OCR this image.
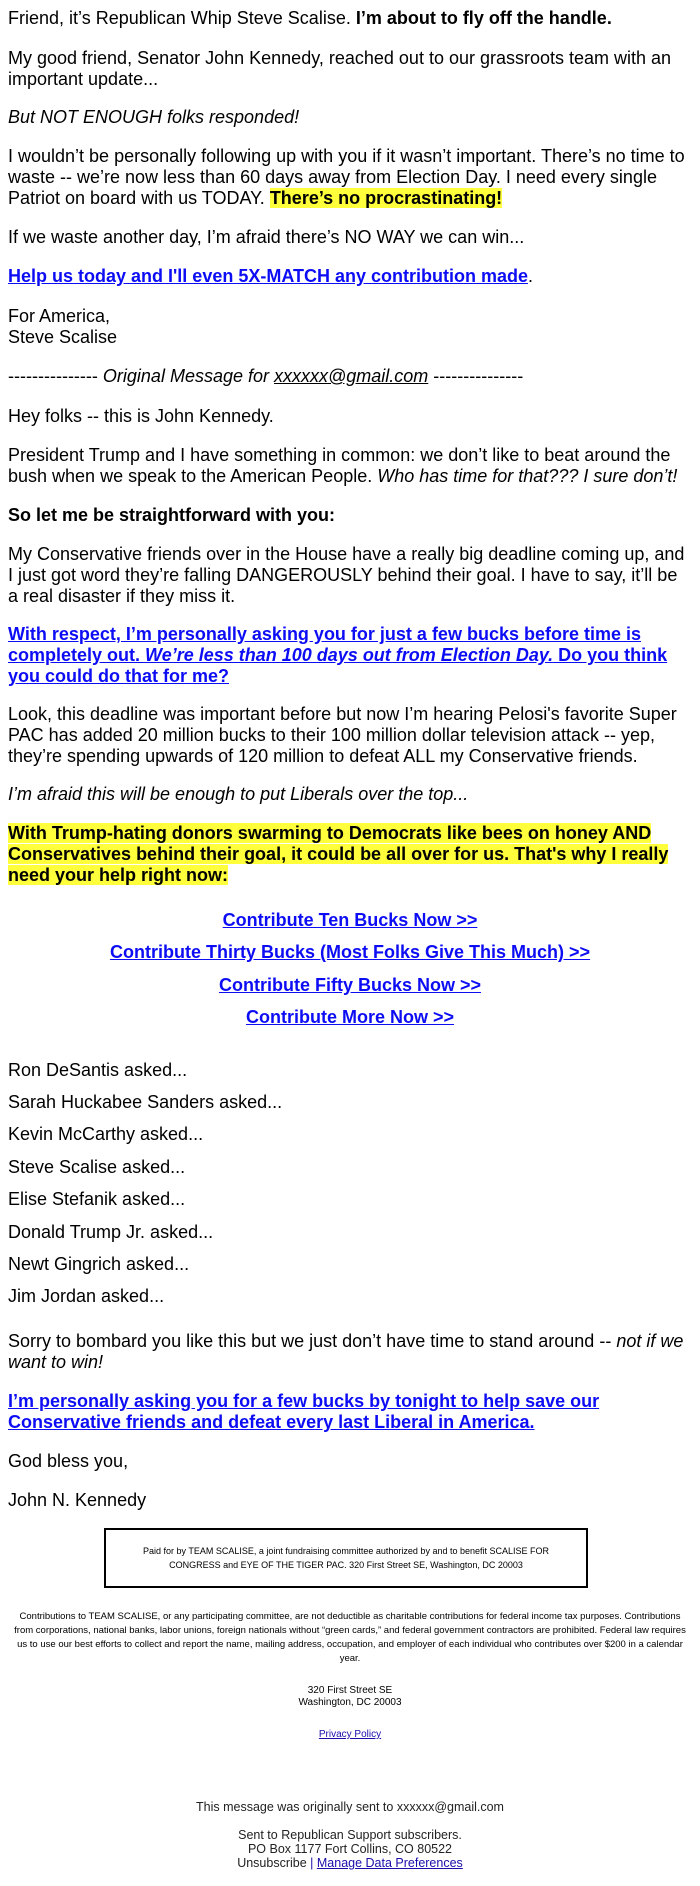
Friend, it’s Republican Whip Steve Scalise. I’m about to fly off the handle.

My good friend, Senator John Kennedy, reached out to our grassroots team with an important update...

But NOT ENOUGH folks responded!

I wouldn’t be personally following up with you if it wasn’t important. There’s no time to waste -- we’re now less than 60 days away from Election Day. I need every single Patriot on board with us TODAY. There’s no procrastinating!

If we waste another day, I’m afraid there’s NO WAY we can win...

Help us today and I'll even 5X-MATCH any contribution made.

For America,
Steve Scalise

--------------- Original Message for xxxxxx@gmail.com ---------------

Hey folks -- this is John Kennedy.

President Trump and I have something in common: we don’t like to beat around the bush when we speak to the American People. Who has time for that??? I sure don’t!

So let me be straightforward with you:

My Conservative friends over in the House have a really big deadline coming up, and I just got word they’re falling DANGEROUSLY behind their goal. I have to say, it’ll be a real disaster if they miss it.

With respect, I’m personally asking you for just a few bucks before time is completely out. We’re less than 100 days out from Election Day. Do you think you could do that for me?

Look, this deadline was important before but now I’m hearing Pelosi's favorite Super PAC has added 20 million bucks to their 100 million dollar television attack -- yep, they’re spending upwards of 120 million to defeat ALL my Conservative friends.

I’m afraid this will be enough to put Liberals over the top...

With Trump-hating donors swarming to Democrats like bees on honey AND Conservatives behind their goal, it could be all over for us. That's why I really need your help right now:

Contribute Ten Bucks Now >>

Contribute Thirty Bucks (Most Folks Give This Much) >>

Contribute Fifty Bucks Now >>

Contribute More Now >>

Ron DeSantis asked...

Sarah Huckabee Sanders asked...

Kevin McCarthy asked...

Steve Scalise asked...

Elise Stefanik asked...

Donald Trump Jr. asked...

Newt Gingrich asked...

Jim Jordan asked...

Sorry to bombard you like this but we just don’t have time to stand around -- not if we want to win!

I’m personally asking you for a few bucks by tonight to help save our Conservative friends and defeat every last Liberal in America.

God bless you,

John N. Kennedy

Paid for by TEAM SCALISE, a joint fundraising committee authorized by and to benefit SCALISE FOR CONGRESS and EYE OF THE TIGER PAC. 320 First Street SE, Washington, DC 20003
Contributions to TEAM SCALISE, or any participating committee, are not deductible as charitable contributions for federal income tax purposes. Contributions from corporations, national banks, labor unions, foreign nationals without “green cards,” and federal government contractors are prohibited. Federal law requires us to use our best efforts to collect and report the name, mailing address, occupation, and employer of each individual who contributes over $200 in a calendar year.
320 First Street SE
Washington, DC 20003
Privacy Policy
This message was originally sent to xxxxxx@gmail.com
Sent to Republican Support subscribers.
PO Box 1177 Fort Collins, CO 80522
Unsubscribe | Manage Data Preferences
